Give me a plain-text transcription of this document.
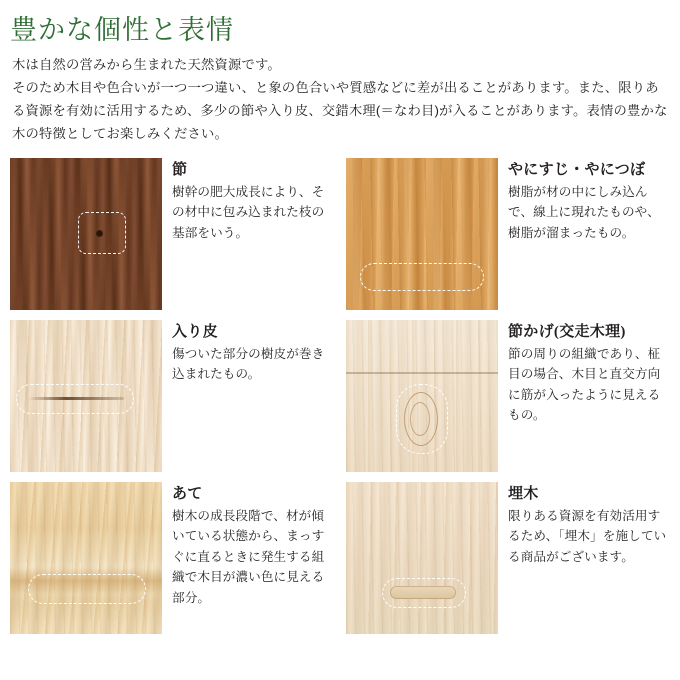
豊かな個性と表情

木は自然の営みから生まれた天然資源です。

そのため木目や色合いが一つ一つ違い、と象の色合いや質感などに差が出ることがあります。また、限りある資源を有効に活用するため、多少の節や入り皮、交錯木理(＝なわ目)が入ることがあります。表情の豊かな木の特徴としてお楽しみください。

節

樹幹の肥大成長により、その材中に包み込まれた枝の基部をいう。

やにすじ・やにつぼ

樹脂が材の中にしみ込んで、線上に現れたものや、樹脂が溜まったもの。

入り皮

傷ついた部分の樹皮が巻き込まれたもの。

節かげ(交走木理)

節の周りの組織であり、柾目の場合、木目と直交方向に筋が入ったように見えるもの。

あて

樹木の成長段階で、材が傾いている状態から、まっすぐに直るときに発生する組織で木目が濃い色に見える部分。

埋木

限りある資源を有効活用するため、「埋木」を施している商品がございます。
